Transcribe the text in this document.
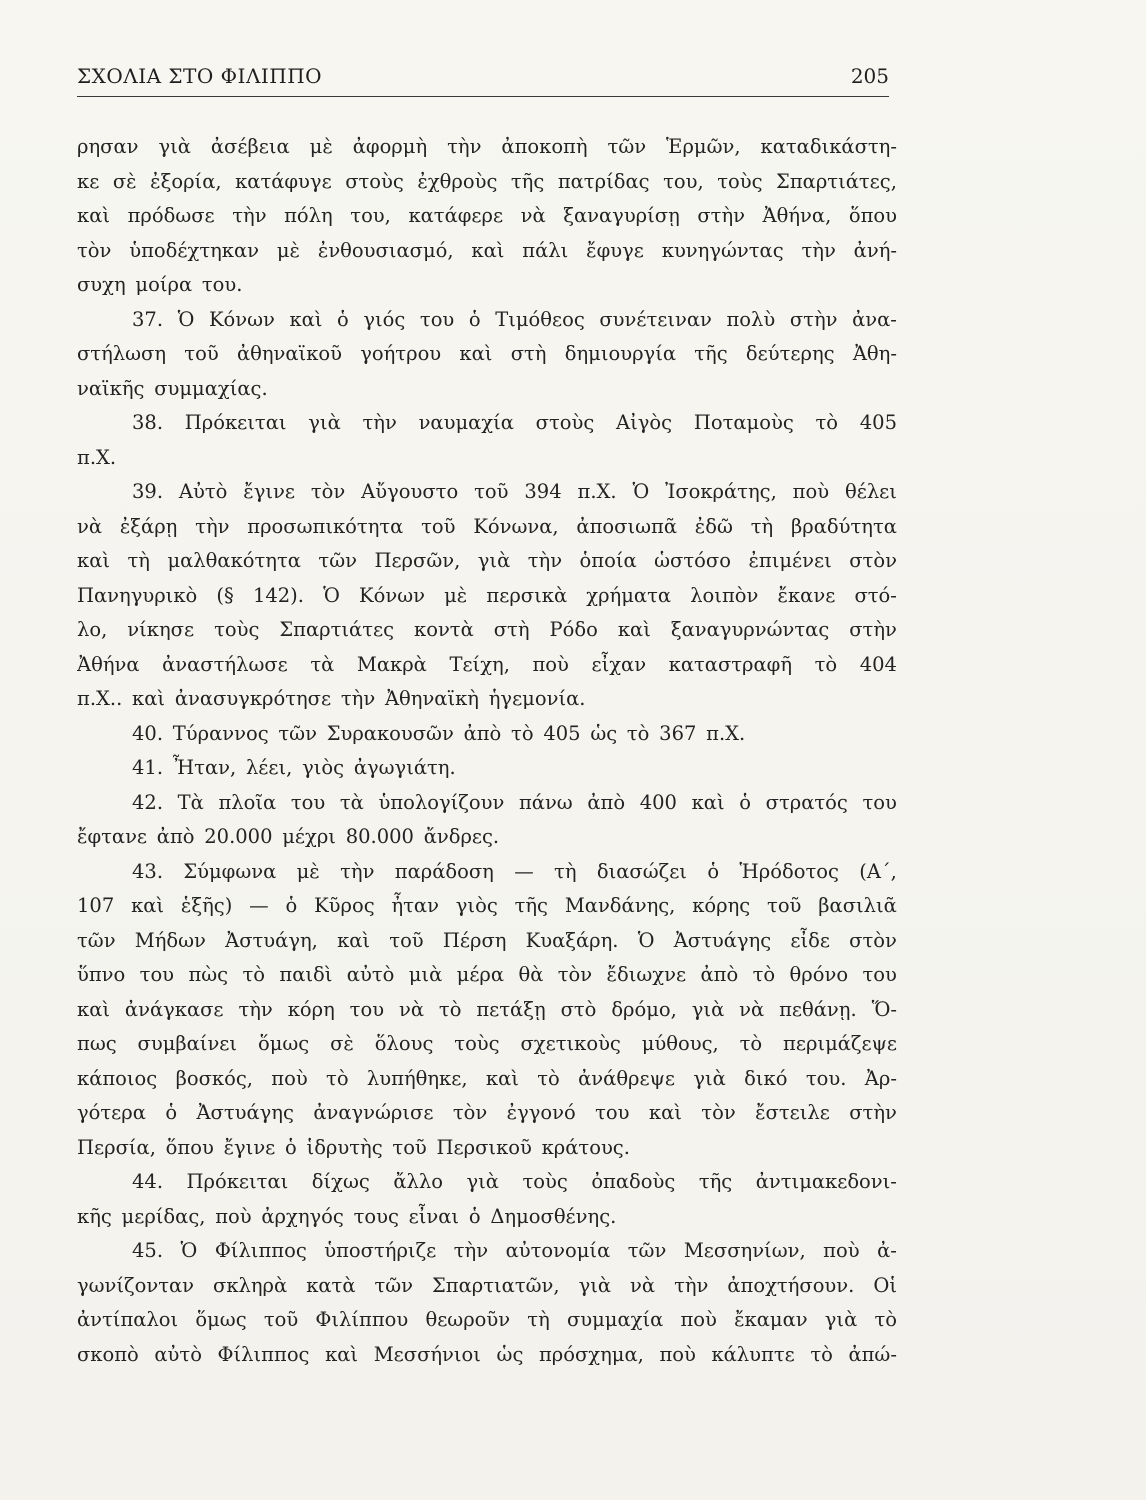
ΣΧΟΛΙΑ ΣΤΟ ΦΙΛΙΠΠΟ	205
ρησαν γιὰ ἀσέβεια μὲ ἀφορμὴ τὴν ἀποκοπὴ τῶν Ἑρμῶν, καταδικάστη-
κε σὲ ἐξορία, κατάφυγε στοὺς ἐχθροὺς τῆς πατρίδας του, τοὺς Σπαρτιάτες,
καὶ πρόδωσε τὴν πόλη του, κατάφερε νὰ ξαναγυρίσῃ στὴν Ἀθήνα, ὅπου
τὸν ὑποδέχτηκαν μὲ ἐνθουσιασμό, καὶ πάλι ἔφυγε κυνηγώντας τὴν ἀνή-
συχη μοίρα του.
37. Ὁ Κόνων καὶ ὁ γιός του ὁ Τιμόθεος συνέτειναν πολὺ στὴν ἀνα-
στήλωση τοῦ ἀθηναϊκοῦ γοήτρου καὶ στὴ δημιουργία τῆς δεύτερης Ἀθη-
ναϊκῆς συμμαχίας.
38. Πρόκειται γιὰ τὴν ναυμαχία στοὺς Αἰγὸς Ποταμοὺς τὸ 405
π.Χ.
39. Αὐτὸ ἔγινε τὸν Αὔγουστο τοῦ 394 π.Χ. Ὁ Ἰσοκράτης, ποὺ θέλει
νὰ ἐξάρῃ τὴν προσωπικότητα τοῦ Κόνωνα, ἀποσιωπᾶ ἐδῶ τὴ βραδύτητα
καὶ τὴ μαλθακότητα τῶν Περσῶν, γιὰ τὴν ὁποία ὡστόσο ἐπιμένει στὸν
Πανηγυρικὸ (§ 142). Ὁ Κόνων μὲ περσικὰ χρήματα λοιπὸν ἔκανε στό-
λο, νίκησε τοὺς Σπαρτιάτες κοντὰ στὴ Ρόδο καὶ ξαναγυρνώντας στὴν
Ἀθήνα ἀναστήλωσε τὰ Μακρὰ Τείχη, ποὺ εἶχαν καταστραφῆ τὸ 404
π.Χ.. καὶ ἀνασυγκρότησε τὴν Ἀθηναϊκὴ ἡγεμονία.
40. Τύραννος τῶν Συρακουσῶν ἀπὸ τὸ 405 ὡς τὸ 367 π.Χ.
41. Ἦταν, λέει, γιὸς ἀγωγιάτη.
42. Τὰ πλοῖα του τὰ ὑπολογίζουν πάνω ἀπὸ 400 καὶ ὁ στρατός του
ἔφτανε ἀπὸ 20.000 μέχρι 80.000 ἄνδρες.
43. Σύμφωνα μὲ τὴν παράδοση — τὴ διασώζει ὁ Ἡρόδοτος (Α΄,
107 καὶ ἑξῆς) — ὁ Κῦρος ἦταν γιὸς τῆς Μανδάνης, κόρης τοῦ βασιλιᾶ
τῶν Μήδων Ἀστυάγη, καὶ τοῦ Πέρση Κυαξάρη. Ὁ Ἀστυάγης εἶδε στὸν
ὕπνο του πὼς τὸ παιδὶ αὐτὸ μιὰ μέρα θὰ τὸν ἔδιωχνε ἀπὸ τὸ θρόνο του
καὶ ἀνάγκασε τὴν κόρη του νὰ τὸ πετάξῃ στὸ δρόμο, γιὰ νὰ πεθάνῃ. Ὅ-
πως συμβαίνει ὅμως σὲ ὅλους τοὺς σχετικοὺς μύθους, τὸ περιμάζεψε
κάποιος βοσκός, ποὺ τὸ λυπήθηκε, καὶ τὸ ἀνάθρεψε γιὰ δικό του. Ἀρ-
γότερα ὁ Ἀστυάγης ἀναγνώρισε τὸν ἐγγονό του καὶ τὸν ἔστειλε στὴν
Περσία, ὅπου ἔγινε ὁ ἱδρυτὴς τοῦ Περσικοῦ κράτους.
44. Πρόκειται δίχως ἄλλο γιὰ τοὺς ὀπαδοὺς τῆς ἀντιμακεδονι-
κῆς μερίδας, ποὺ ἀρχηγός τους εἶναι ὁ Δημοσθένης.
45. Ὁ Φίλιππος ὑποστήριζε τὴν αὐτονομία τῶν Μεσσηνίων, ποὺ ἀ-
γωνίζονταν σκληρὰ κατὰ τῶν Σπαρτιατῶν, γιὰ νὰ τὴν ἀποχτήσουν. Οἱ
ἀντίπαλοι ὅμως τοῦ Φιλίππου θεωροῦν τὴ συμμαχία ποὺ ἔκαμαν γιὰ τὸ
σκοπὸ αὐτὸ Φίλιππος καὶ Μεσσήνιοι ὡς πρόσχημα, ποὺ κάλυπτε τὸ ἀπώ-
